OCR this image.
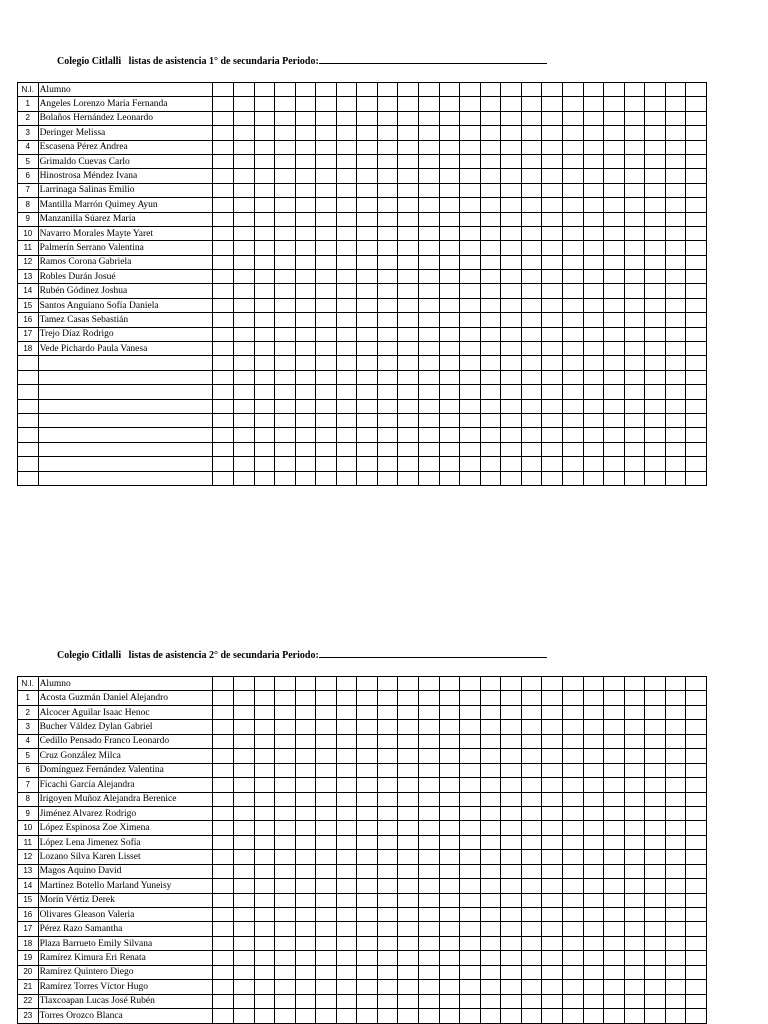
Colegio Citlalli listas de asistencia 1° de secundaria Periodo:
N.I.	Alumno																								
1	Angeles Lorenzo María Fernanda																								
2	Bolaños Hernández Leonardo																								
3	Deringer Melissa																								
4	Escasena Pérez Andrea																								
5	Grimaldo Cuevas Carlo																								
6	Hinostrosa Méndez Ivana																								
7	Larrinaga Salinas Emilio																								
8	Mantilla Marrón Quimey Ayun																								
9	Manzanilla Súarez María																								
10	Navarro Morales Mayte Yaret																								
11	Palmerín Serrano Valentina																								
12	Ramos Corona Gabriela																								
13	Robles Durán Josué																								
14	Rubén Gódinez Joshua																								
15	Santos Anguiano Sofía Daniela																								
16	Tamez Casas Sebastián																								
17	Trejo Díaz Rodrigo																								
18	Vede Pichardo Paula Vanesa																								

Colegio Citlalli listas de asistencia 2° de secundaria Periodo:
N.I.	Alumno																								
1	Acosta Guzmán Daniel Alejandro																								
2	Alcocer Aguilar Isaac Henoc																								
3	Bucher Váldez Dylan Gabriel																								
4	Cedillo Pensado Franco Leonardo																								
5	Cruz González Milca																								
6	Domínguez Fernández Valentina																								
7	Ficachi García Alejandra																								
8	Irigoyen Muñoz Alejandra Berenice																								
9	Jiménez Alvarez Rodrigo																								
10	López Espinosa Zoe Ximena																								
11	López Lena Jimenez Sofía																								
12	Lozano Silva Karen Lisset																								
13	Magos Aquino David																								
14	Martínez Botello Marland Yuneisy																								
15	Morín Vértiz Derek																								
16	Olivares Gleason Valeria																								
17	Pérez Razo Samantha																								
18	Plaza Barrueto Emily Silvana																								
19	Ramírez Kimura Eri Renata																								
20	Ramírez Quintero Diego																								
21	Ramírez Torres Víctor Hugo																								
22	Tlaxcoapan Lucas José Rubén																								
23	Torres Orozco Blanca																								
